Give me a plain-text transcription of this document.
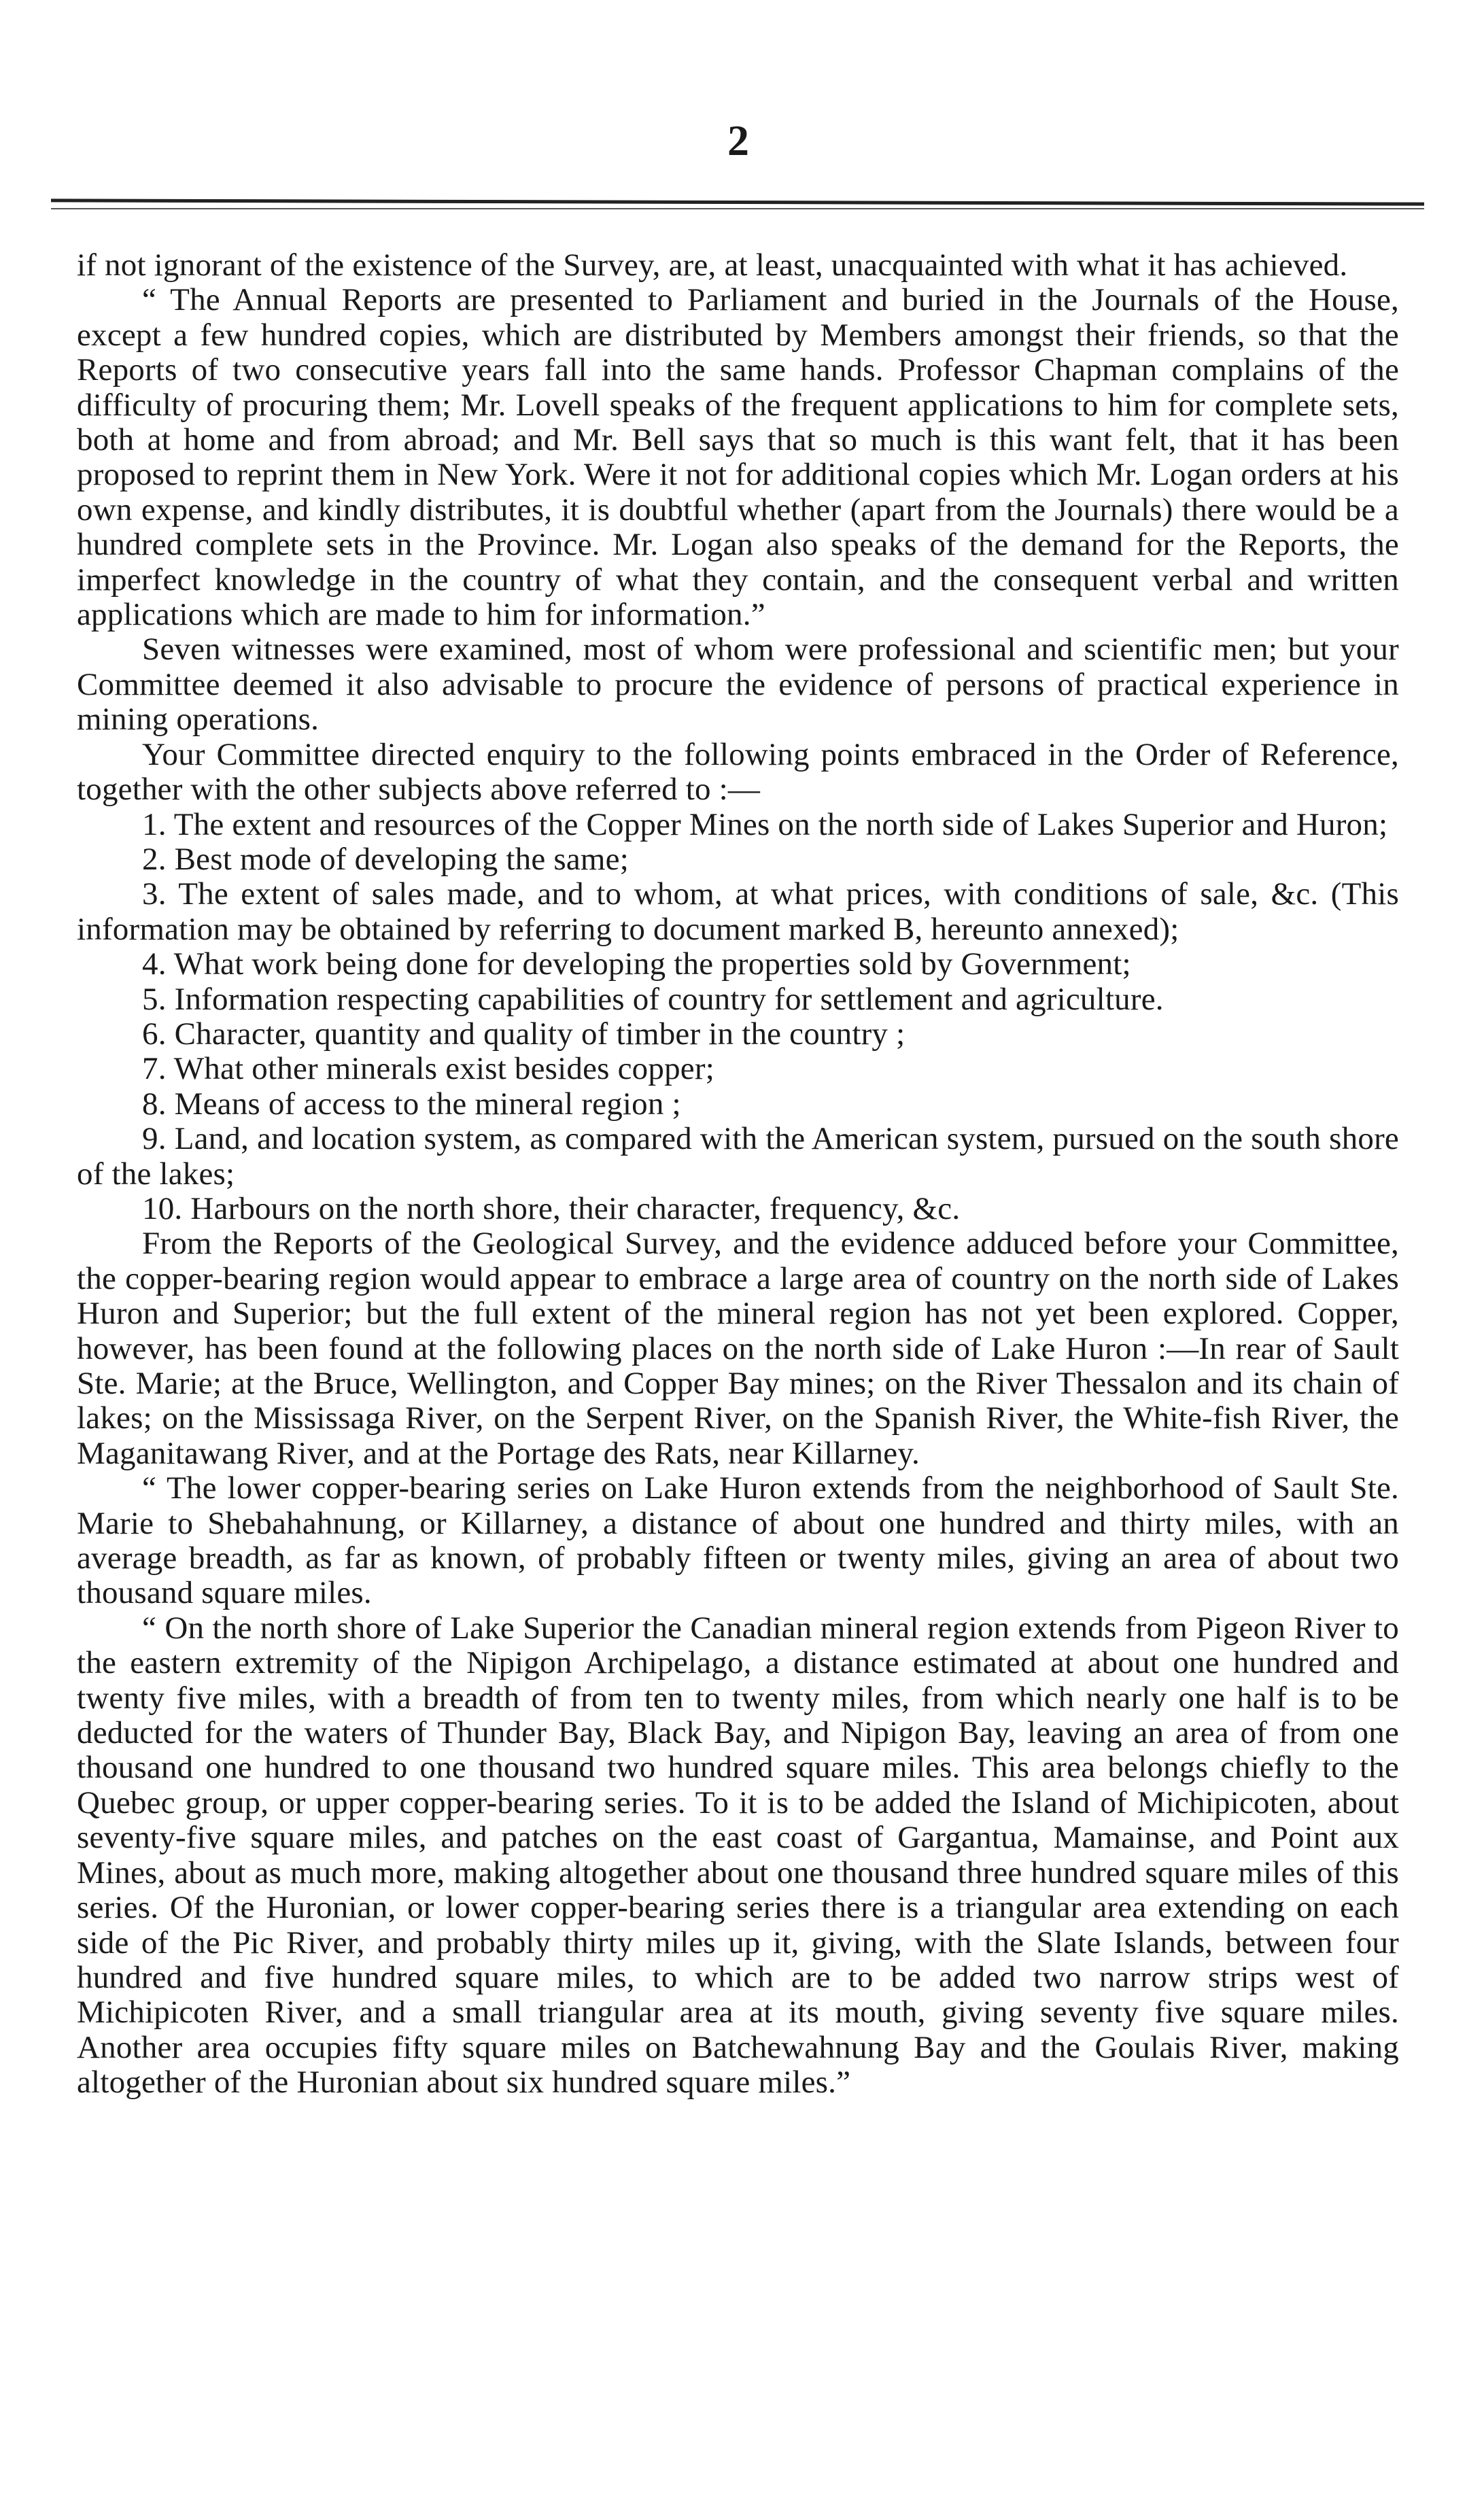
2

if not ignorant of the existence of the Survey, are, at least, unacquainted with what it has achieved.

“ The Annual Reports are presented to Parliament and buried in the Journals of the House, except a few hundred copies, which are distributed by Members amongst their friends, so that the Reports of two consecutive years fall into the same hands. Professor Chapman complains of the difficulty of procuring them; Mr. Lovell speaks of the frequent applications to him for complete sets, both at home and from abroad; and Mr. Bell says that so much is this want felt, that it has been proposed to reprint them in New York. Were it not for additional copies which Mr. Logan orders at his own expense, and kindly distributes, it is doubtful whether (apart from the Journals) there would be a hundred complete sets in the Province. Mr. Logan also speaks of the demand for the Reports, the imperfect knowledge in the country of what they contain, and the consequent verbal and written applications which are made to him for information.”

Seven witnesses were examined, most of whom were professional and scientific men; but your Committee deemed it also advisable to procure the evidence of persons of practical experience in mining operations.

Your Committee directed enquiry to the following points embraced in the Order of Reference, together with the other subjects above referred to :—

1. The extent and resources of the Copper Mines on the north side of Lakes Superior and Huron;

2. Best mode of developing the same;

3. The extent of sales made, and to whom, at what prices, with conditions of sale, &c. (This information may be obtained by referring to document marked B, hereunto annexed);

4. What work being done for developing the properties sold by Government;

5. Information respecting capabilities of country for settlement and agriculture.

6. Character, quantity and quality of timber in the country ;

7. What other minerals exist besides copper;

8. Means of access to the mineral region ;

9. Land, and location system, as compared with the American system, pursued on the south shore of the lakes;

10. Harbours on the north shore, their character, frequency, &c.

From the Reports of the Geological Survey, and the evidence adduced before your Committee, the copper-bearing region would appear to embrace a large area of country on the north side of Lakes Huron and Superior; but the full extent of the mineral region has not yet been explored. Copper, however, has been found at the following places on the north side of Lake Huron :—In rear of Sault Ste. Marie; at the Bruce, Wellington, and Copper Bay mines; on the River Thessalon and its chain of lakes; on the Mississaga River, on the Serpent River, on the Spanish River, the White-fish River, the Maganitawang River, and at the Portage des Rats, near Killarney.

“ The lower copper-bearing series on Lake Huron extends from the neighborhood of Sault Ste. Marie to Shebahahnung, or Killarney, a distance of about one hundred and thirty miles, with an average breadth, as far as known, of probably fifteen or twenty miles, giving an area of about two thousand square miles.

“ On the north shore of Lake Superior the Canadian mineral region extends from Pigeon River to the eastern extremity of the Nipigon Archipelago, a distance estimated at about one hundred and twenty five miles, with a breadth of from ten to twenty miles, from which nearly one half is to be deducted for the waters of Thunder Bay, Black Bay, and Nipigon Bay, leaving an area of from one thousand one hundred to one thousand two hundred square miles. This area belongs chiefly to the Quebec group, or upper copper-bearing series. To it is to be added the Island of Michipicoten, about seventy-five square miles, and patches on the east coast of Gargantua, Mamainse, and Point aux Mines, about as much more, making altogether about one thousand three hundred square miles of this series. Of the Huronian, or lower copper-bearing series there is a triangular area extending on each side of the Pic River, and probably thirty miles up it, giving, with the Slate Islands, between four hundred and five hundred square miles, to which are to be added two narrow strips west of Michipicoten River, and a small triangular area at its mouth, giving seventy five square miles. Another area occupies fifty square miles on Batchewahnung Bay and the Goulais River, making altogether of the Huronian about six hundred square miles.”
